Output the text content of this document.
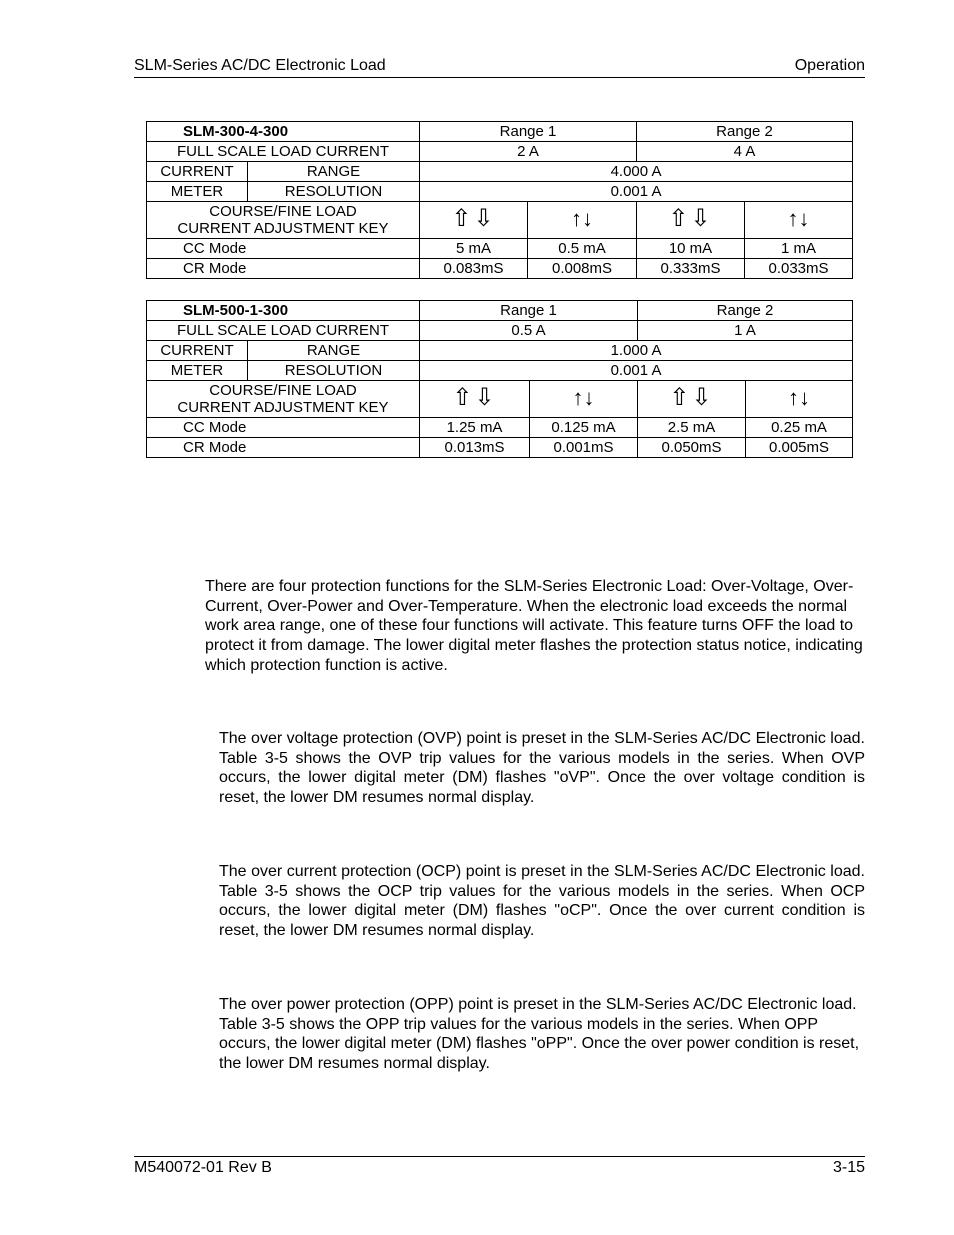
SLM-Series AC/DC Electronic Load	Operation
SLM-300-4-300		Range 1		Range 2	
FULL SCALE LOAD CURRENT		2 A		4 A	
CURRENT	RANGE	4.000 A			
METER	RESOLUTION	0.001 A			
COURSE/FINE LOAD
CURRENT ADJUSTMENT KEY		⇧⇩	↑↓	⇧⇩	↑↓
CC Mode		5 mA	0.5 mA	10 mA	1 mA
CR Mode		0.083mS	0.008mS	0.333mS	0.033mS
SLM-500-1-300		Range 1		Range 2	
FULL SCALE LOAD CURRENT		0.5 A		1 A	
CURRENT	RANGE	1.000 A			
METER	RESOLUTION	0.001 A			
COURSE/FINE LOAD
CURRENT ADJUSTMENT KEY		⇧⇩	↑↓	⇧⇩	↑↓
CC Mode		1.25 mA	0.125 mA	2.5 mA	0.25 mA
CR Mode		0.013mS	0.001mS	0.050mS	0.005mS

There are four protection functions for the SLM-Series Electronic Load: Over-Voltage, Over-Current, Over-Power and Over-Temperature. When the electronic load exceeds the normal work area range, one of these four functions will activate. This feature turns OFF the load to protect it from damage. The lower digital meter flashes the protection status notice, indicating which protection function is active.

The over voltage protection (OVP) point is preset in the SLM-Series AC/DC Electronic load. Table 3-5 shows the OVP trip values for the various models in the series. When OVP occurs, the lower digital meter (DM) flashes "oVP". Once the over voltage condition is reset, the lower DM resumes normal display.

The over current protection (OCP) point is preset in the SLM-Series AC/DC Electronic load. Table 3-5 shows the OCP trip values for the various models in the series. When OCP occurs, the lower digital meter (DM) flashes "oCP". Once the over current condition is reset, the lower DM resumes normal display.

The over power protection (OPP) point is preset in the SLM-Series AC/DC Electronic load. Table 3-5 shows the OPP trip values for the various models in the series. When OPP occurs, the lower digital meter (DM) flashes "oPP". Once the over power condition is reset, the lower DM resumes normal display.

M540072-01 Rev B	3-15
